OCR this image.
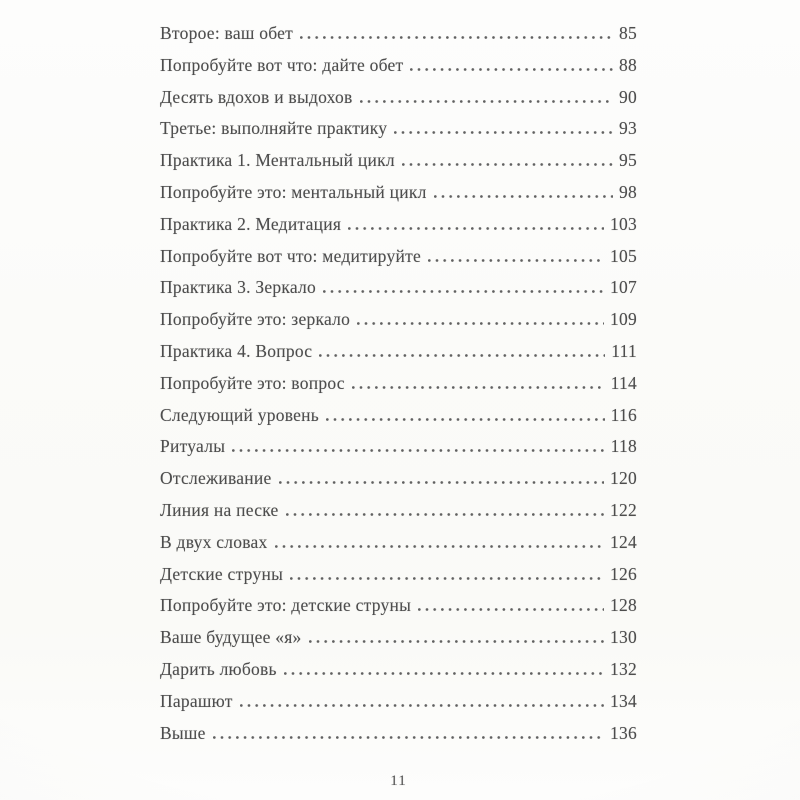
Второе: ваш обет	85
Попробуйте вот что: дайте обет	88
Десять вдохов и выдохов	90
Третье: выполняйте практику	93
Практика 1. Ментальный цикл	95
Попробуйте это: ментальный цикл	98
Практика 2. Медитация	103
Попробуйте вот что: медитируйте	105
Практика 3. Зеркало	107
Попробуйте это: зеркало	109
Практика 4. Вопрос	111
Попробуйте это: вопрос	114
Следующий уровень	116
Ритуалы	118
Отслеживание	120
Линия на песке	122
В двух словах	124
Детские струны	126
Попробуйте это: детские струны	128
Ваше будущее «я»	130
Дарить любовь	132
Парашют	134
Выше	136
11
